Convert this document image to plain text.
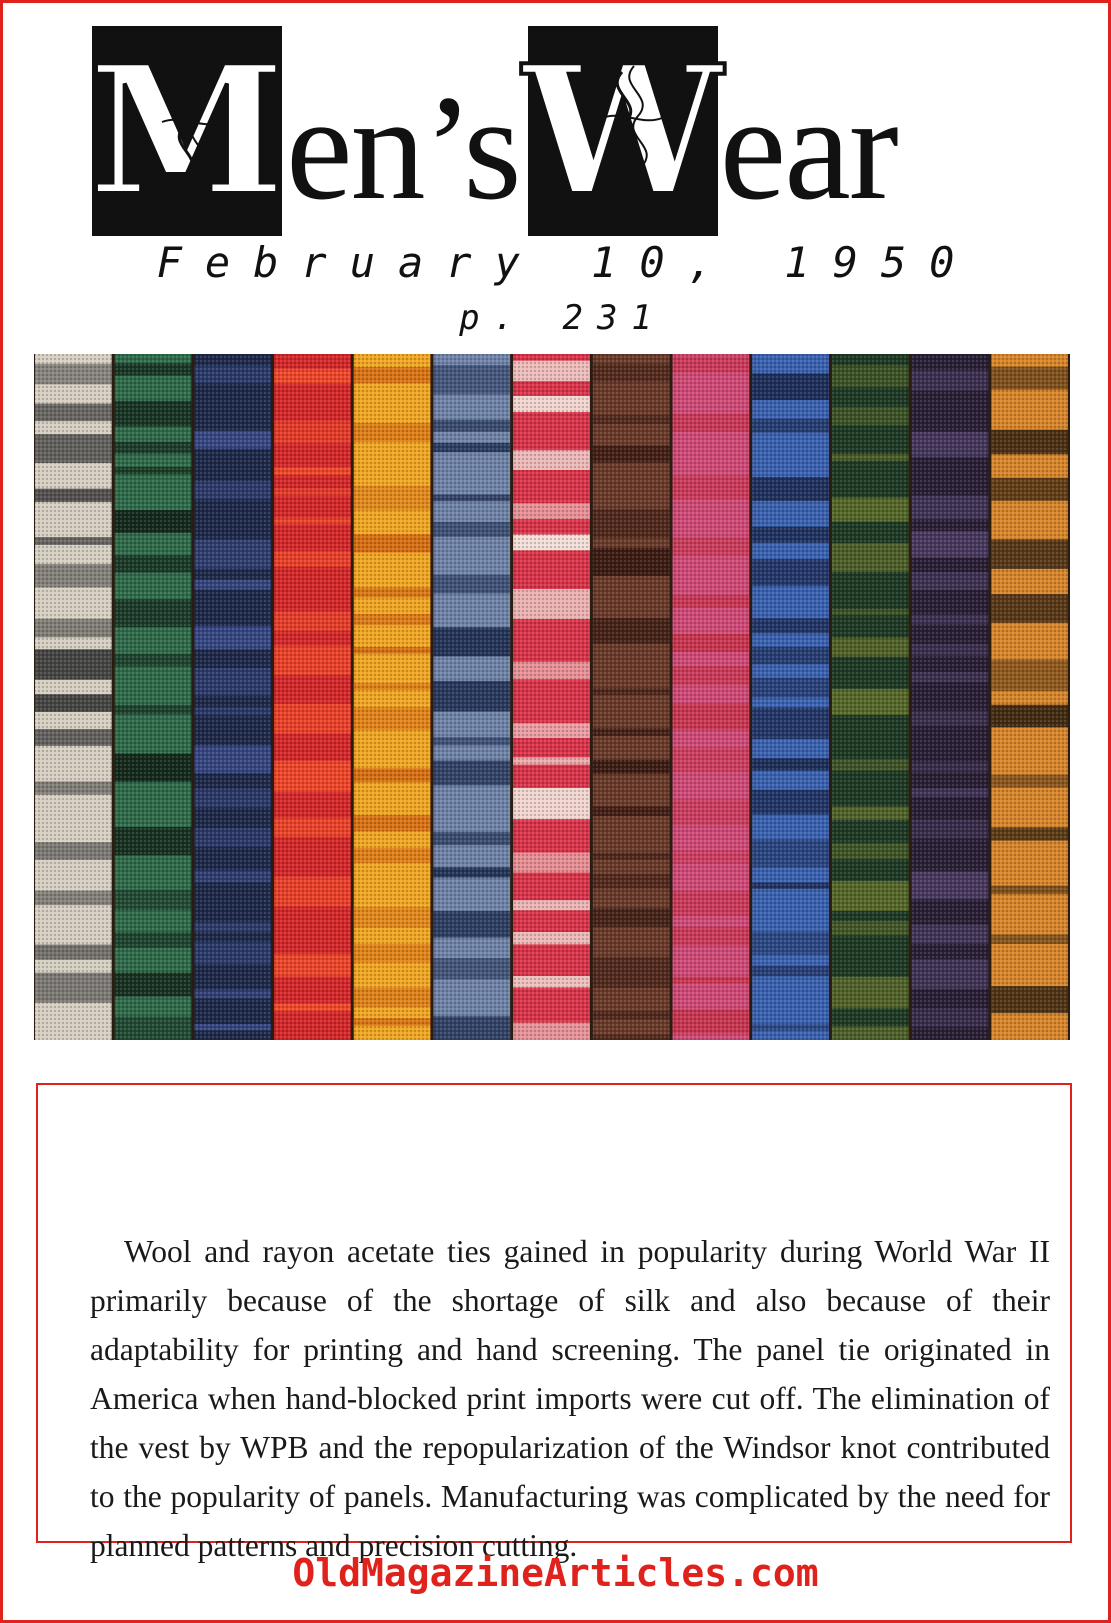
M en’s W
ear
February 10, 1950
p. 231

Wool and rayon acetate ties gained in popularity during World War II primarily because of the shortage of silk and also because of their adaptability for printing and hand screening. The panel tie originated in America when hand-blocked print imports were cut off. The elimination of the vest by WPB and the repopularization of the Windsor knot contributed to the popularity of panels. Manufacturing was complicated by the need for planned patterns and precision cutting.

OldMagazineArticles.com
